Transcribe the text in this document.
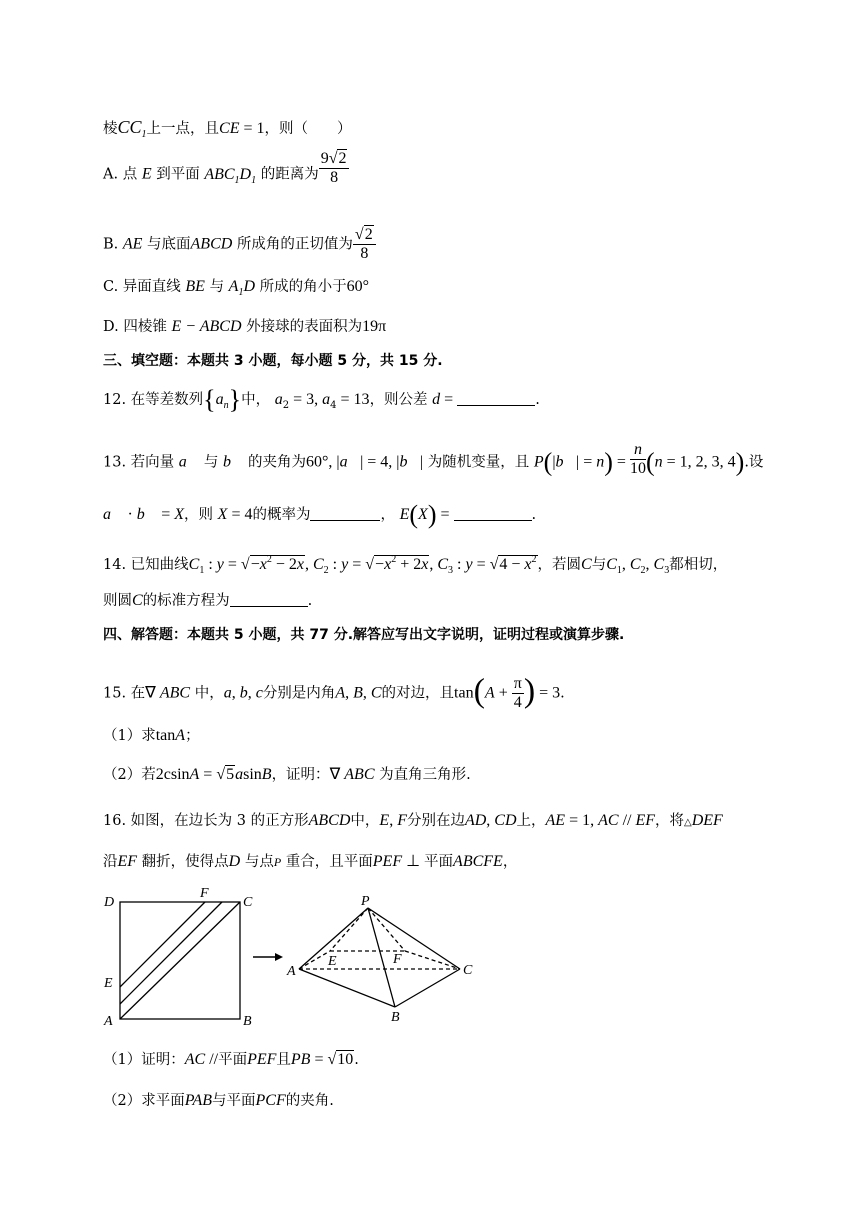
棱$CC_1$上一点，且CE = 1，则（　　）
A. 点 E 到平面 $ABC_1D_1$ 的距离为 $\frac{9√2}{8}$
B. AE 与底面ABCD 所成角的正切值为 $\frac{√2}{8}$
C. 异面直线 BE 与 $A_1D$ 所成的角小于60°
D. 四棱锥 E − ABCD 外接球的表面积为19π
三、填空题：本题共 3 小题，每小题 5 分，共 15 分.
12. 在等差数列$\{a_n\}$中， $a_2 = 3$, $a_4 = 13$，则公差 d =	.
13. 若向量 a⃗ 与 b⃗ 的夹角为60°, |a⃗| = 4, |b⃗| 为随机变量，且 P(|b⃗| = $n) = \frac{n}{10} (n = 1$, 2, 3, 4).设
a⃗ · b⃗ = X，则 X = 4的概率为	， E(X) =	.
14. 已知曲线$C_1$ : $y = √-x^2 - 2x$, $C_2$ : $y = √-x^2 + 2x$, $C_3$ : $y = √4 - x^2$，若圆C与$C_1$, $C_2$, $C_3$都相切，
则圆C的标准方程为	.
四、解答题：本题共 5 小题，共 77 分.解答应写出文字说明，证明过程或演算步骤.
15. 在∇ ABC 中，a, b, c分别是内角A, B, C的对边，且$\tan(A + \frac{\pi}{4}$ ) = 3.
（1）求tanA；
（2）若2csinA = √5asinB，证明：∇ ABC 为直角三角形.
16. 如图，在边长为 3 的正方形ABCD中，E, F分别在边AD, CD上，AE = 1, AC // EF，将△DEF
沿EF 翻折，使得点D 与点P 重合，且平面PEF ⊥ 平面ABCFE，
D
F
C
E
A	B
P
E	F
A	C
B
（1）证明：AC //平面PEF且PB = √10.
（2）求平面PAB与平面PCF的夹角.
